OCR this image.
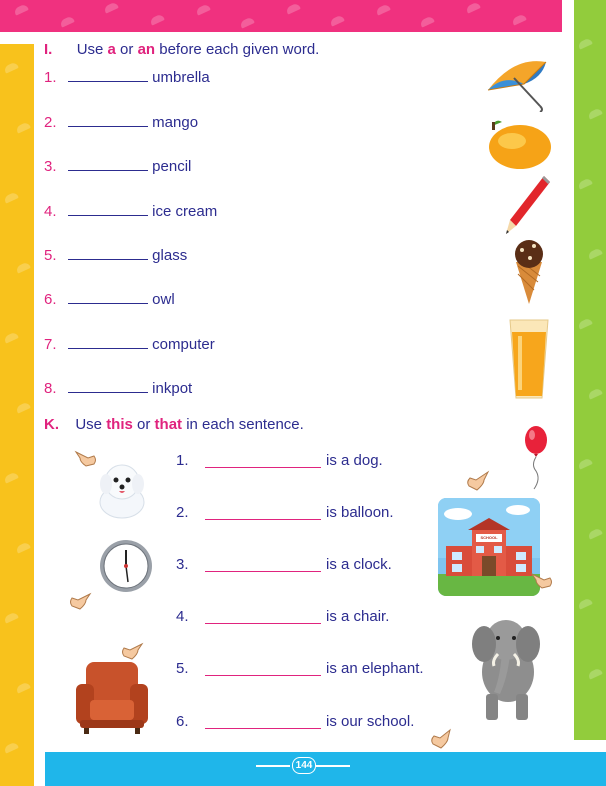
144
I. Use a or an before each given word.
1.	umbrella
2.	mango
3.	pencil
4.	ice cream
5.	glass
6.	owl
7.	computer
8.	inkpot
K. Use this or that in each sentence.
1.	is a dog.
2.	is balloon.
3.	is a clock.
4.	is a chair.
5.	is an elephant.
6.	is our school.
SCHOOL
